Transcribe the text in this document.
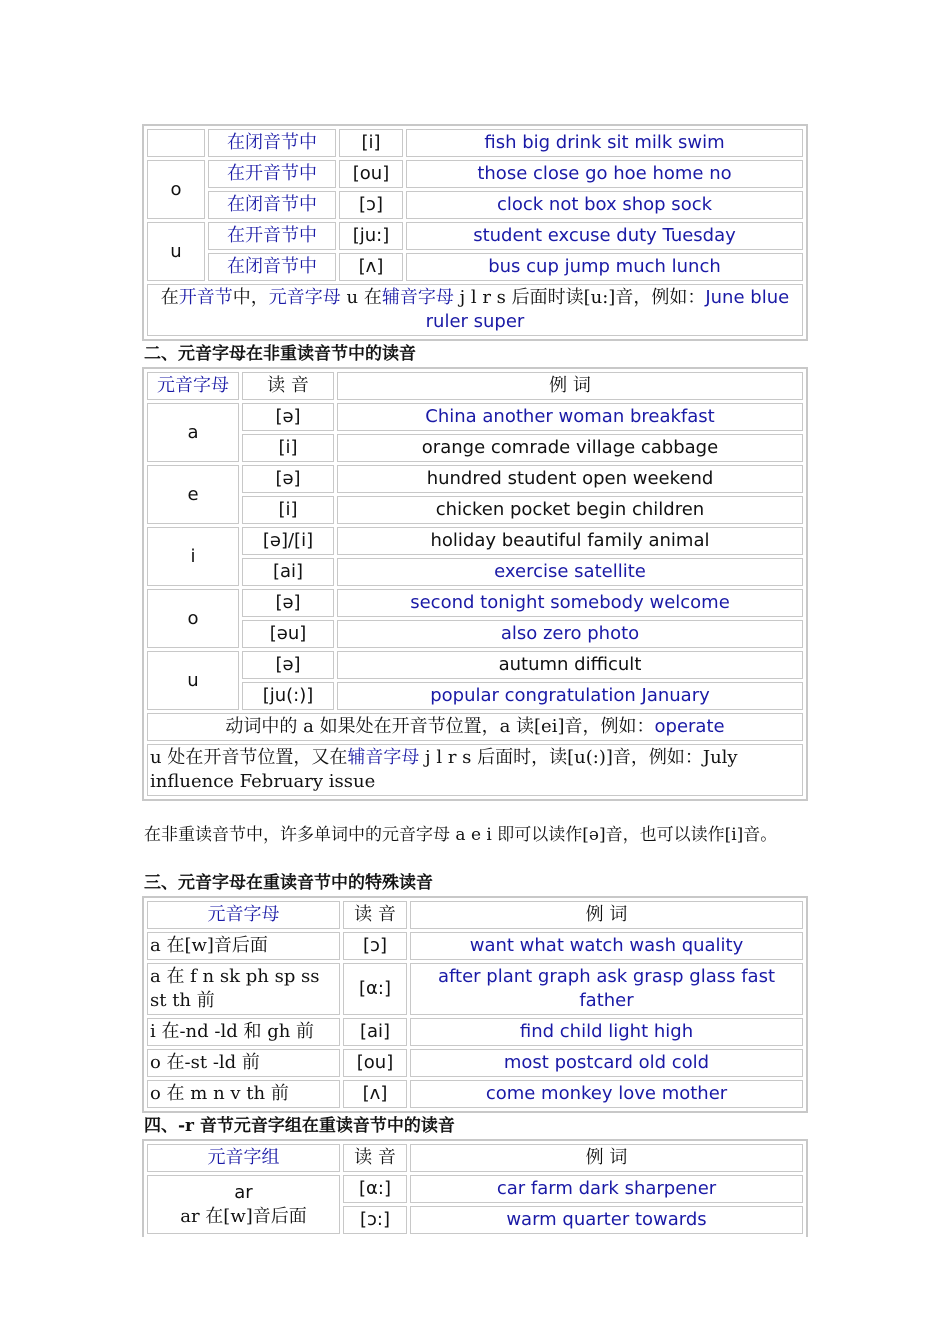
	在闭音节中	[i]	fish big drink sit milk swim
o	在开音节中	[ou]	those close go hoe home no
	在闭音节中	[ɔ]	clock not box shop sock
u	在开音节中	[ju:]	student excuse duty Tuesday
	在闭音节中	[ʌ]	bus cup jump much lunch
在开音节中，元音字母 u 在辅音字母 j l r s 后面时读[u:]音，例如：June blue ruler super			

二、元音字母在非重读音节中的读音

元音字母	读 音	例 词
a	[ə]	China another woman breakfast
	[i]	orange comrade village cabbage
e	[ə]	hundred student open weekend
	[i]	chicken pocket begin children
i	[ə]/[i]	holiday beautiful family animal
	[ai]	exercise satellite
o	[ə]	second tonight somebody welcome
	[əu]	also zero photo
u	[ə]	autumn difficult
	[ju(:)]	popular congratulation January
动词中的 a 如果处在开音节位置，a 读[ei]音，例如：operate		
u 处在开音节位置，又在辅音字母 j l r s 后面时，读[u(:)]音，例如：July influence February issue		

在非重读音节中，许多单词中的元音字母 a e i 即可以读作[ə]音，也可以读作[i]音。

三、元音字母在重读音节中的特殊读音

元音字母	读 音	例 词
a 在[w]音后面	[ɔ]	want what watch wash quality
a 在 f n sk ph sp ss st th 前	[α:]	after plant graph ask grasp glass fast father
i 在-nd -ld 和 gh 前	[ai]	find child light high
o 在-st -ld 前	[ou]	most postcard old cold
o 在 m n v th 前	[ʌ]	come monkey love mother

四、-r 音节元音字组在重读音节中的读音

元音字组	读 音	例 词

ar
ar 在[w]音后面	[α:]	car farm dark sharpener
	[ɔ:]	warm quarter towards
